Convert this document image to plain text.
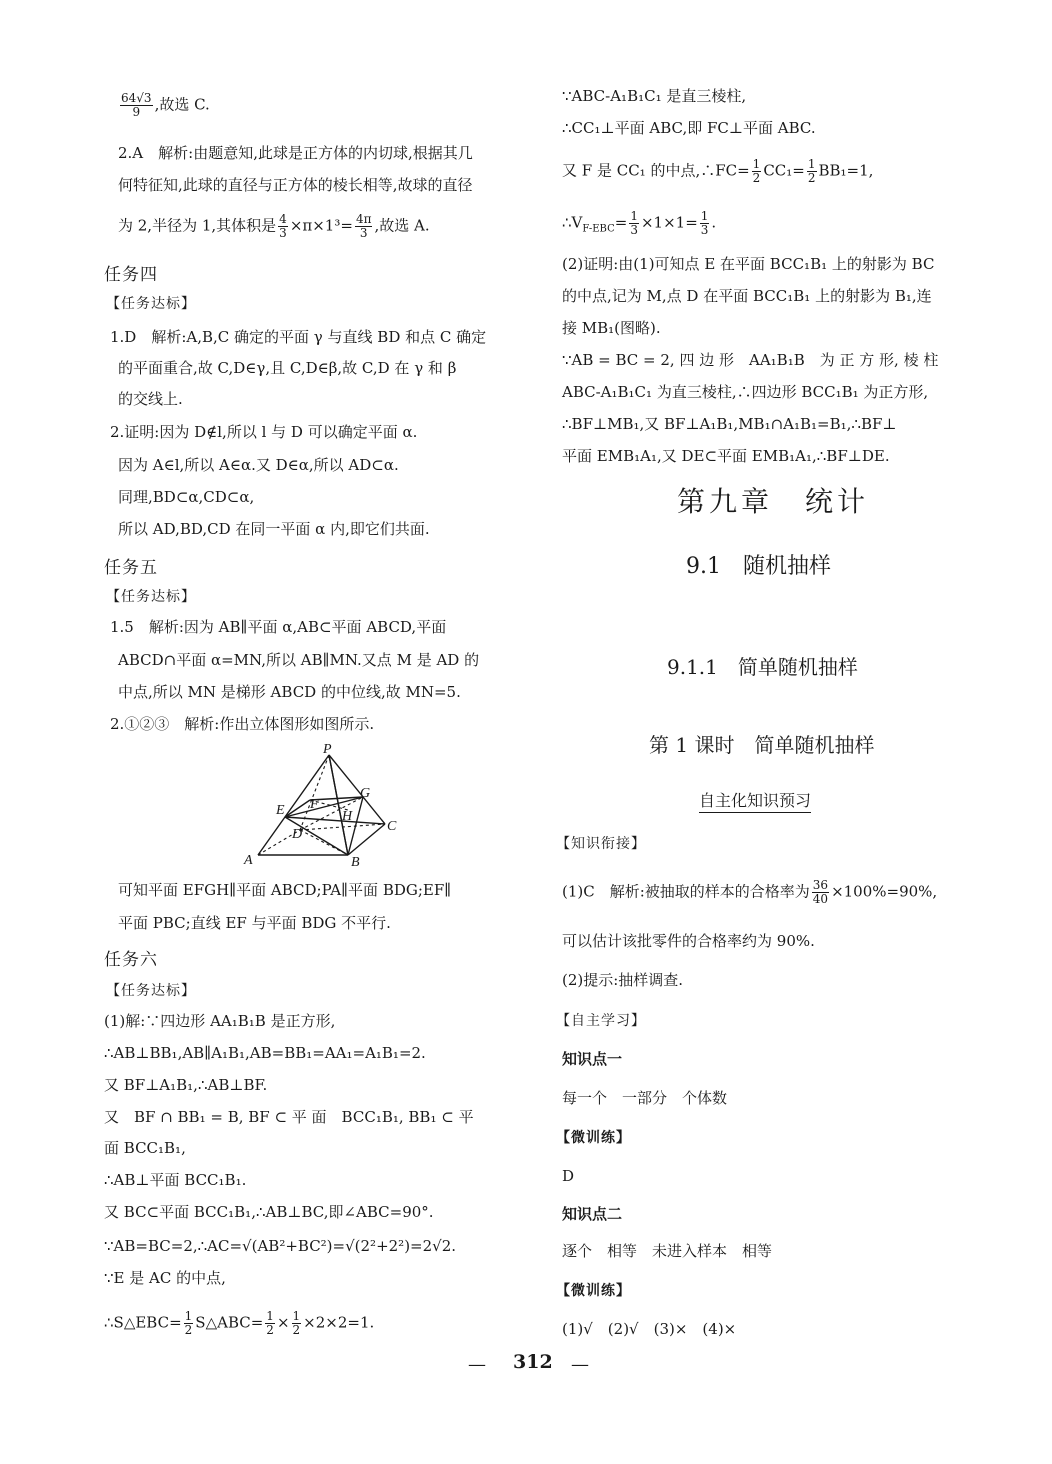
$\frac{64√3}{9}$ ,故选 C.
2.A　解析:由题意知,此球是正方体的内切球,根据其几
何特征知,此球的直径与正方体的棱长相等,故球的直径
为 2,半径为 1,其体积是 $\frac{4}{3} \times\pi\times 1^3= \frac{4\pi}{3}$ ,故选 A.
任务四
【任务达标】
1.D　解析:A,B,C 确定的平面 γ 与直线 BD 和点 C 确定
的平面重合,故 C,D∈γ,且 C,D∈β,故 C,D 在 γ 和 β
的交线上.
2.证明:因为 D∉l,所以 l 与 D 可以确定平面 α.
因为 A∈l,所以 A∈α.又 D∈α,所以 AD⊂α.
同理,BD⊂α,CD⊂α,
所以 AD,BD,CD 在同一平面 α 内,即它们共面.
任务五
【任务达标】
1.5　解析:因为 AB∥平面 α,AB⊂平面 ABCD,平面
ABCD∩平面 α=MN,所以 AB∥MN.又点 M 是 AD 的
中点,所以 MN 是梯形 ABCD 的中位线,故 MN=5.
2.①②③　解析:作出立体图形如图所示.
P
G
E F
H
D
C
A	B
可知平面 EFGH∥平面 ABCD;PA∥平面 BDG;EF∥
平面 PBC;直线 EF 与平面 BDG 不平行.
任务六
【任务达标】
(1)解:∵四边形 AA₁B₁B 是正方形,
∴AB⊥BB₁,AB∥A₁B₁,AB=BB₁=AA₁=A₁B₁=2.
又 BF⊥A₁B₁,∴AB⊥BF.
又　BF ∩ BB₁ = B, BF ⊂ 平 面　BCC₁B₁, BB₁ ⊂ 平
面 BCC₁B₁,
∴AB⊥平面 BCC₁B₁.
又 BC⊂平面 BCC₁B₁,∴AB⊥BC,即∠ABC=90°.
∵AB=BC=2,∴AC=√(AB²+BC²)=√(2²+2²)=2√2.
∵E 是 AC 的中点,
∴S△EBC= $\frac{1}{2}$ S△ABC= $\frac{1}{2} \times \frac{1}{2} \times 2\times 2=1$.
∵ABC-A₁B₁C₁ 是直三棱柱,
∴CC₁⊥平面 ABC,即 FC⊥平面 ABC.
又 F 是 CC₁ 的中点,∴FC= $\frac{1}{2} CC_1= \frac{1}{2} BB_1=1$,
$\therefore V_{F-EBC}= \frac{1}{3} \times 1\times 1= \frac{1}{3}$ .
(2)证明:由(1)可知点 E 在平面 BCC₁B₁ 上的射影为 BC
的中点,记为 M,点 D 在平面 BCC₁B₁ 上的射影为 B₁,连
接 MB₁(图略).
∵AB = BC = 2, 四 边 形　AA₁B₁B　为 正 方 形, 棱 柱
ABC-A₁B₁C₁ 为直三棱柱,∴四边形 BCC₁B₁ 为正方形,
∴BF⊥MB₁,又 BF⊥A₁B₁,MB₁∩A₁B₁=B₁,∴BF⊥
平面 EMB₁A₁,又 DE⊂平面 EMB₁A₁,∴BF⊥DE.
第九章　统计
9.1　随机抽样
9.1.1　简单随机抽样
第 1 课时　简单随机抽样
自主化知识预习
【知识衔接】
(1)C　解析:被抽取的样本的合格率为 $\frac{36}{40} \times 100\%=90\%$,
可以估计该批零件的合格率约为 90%.
(2)提示:抽样调查.
【自主学习】
知识点一
每一个　一部分　个体数
【微训练】
D
知识点二
逐个　相等　未进入样本　相等
【微训练】
(1)√　(2)√　(3)×　(4)×
— 312 —
